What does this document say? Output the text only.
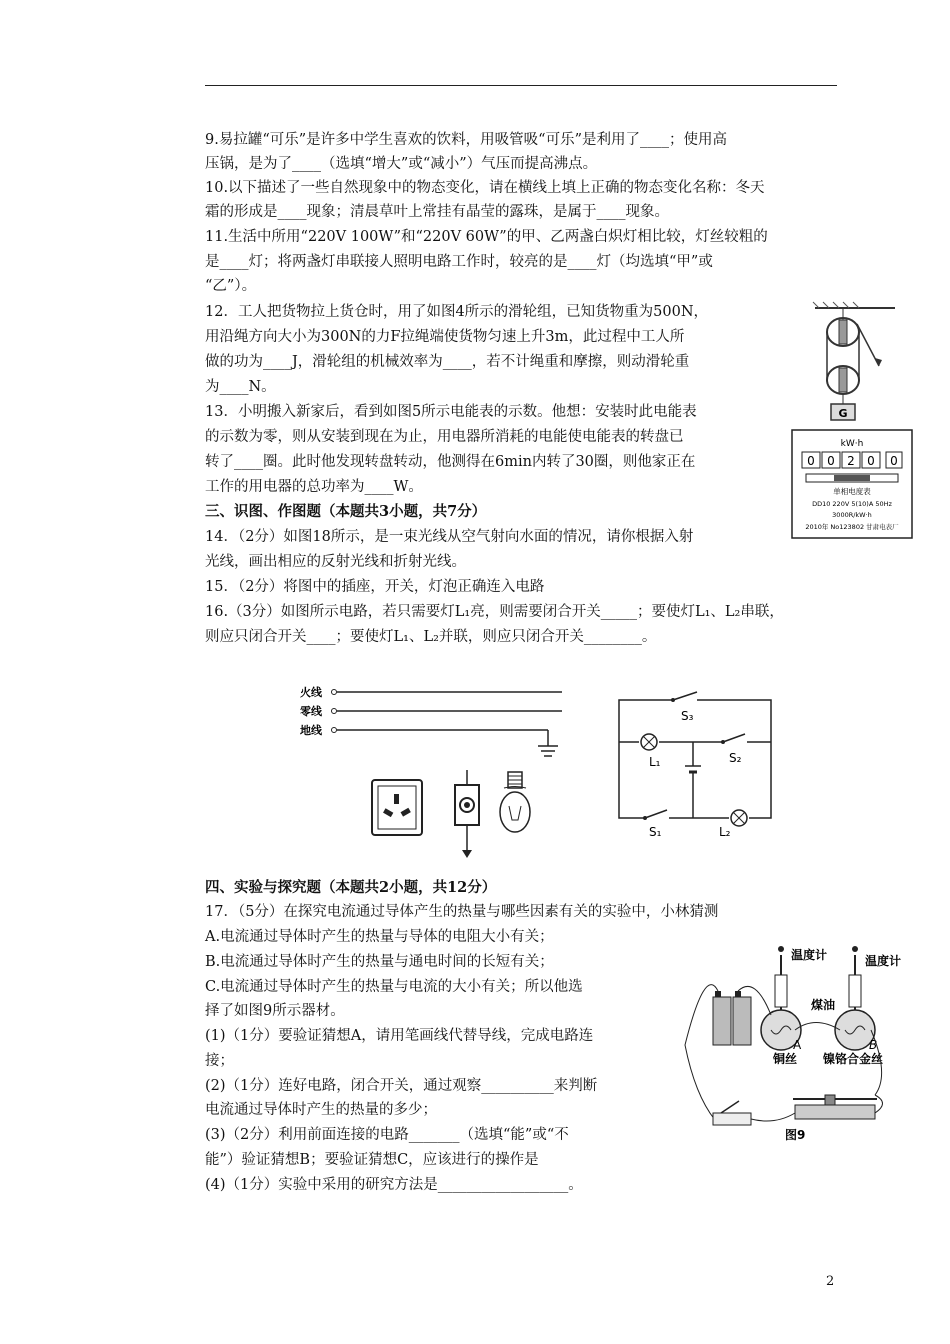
9.易拉罐“可乐”是许多中学生喜欢的饮料，用吸管吸“可乐”是利用了____；使用高
压锅，是为了____（选填“增大”或“减小”）气压而提高沸点。
10.以下描述了一些自然现象中的物态变化，请在横线上填上正确的物态变化名称：冬天
霜的形成是____现象；清晨草叶上常挂有晶莹的露珠，是属于____现象。
11.生活中所用“220V 100W”和“220V 60W”的甲、乙两盏白炽灯相比较，灯丝较粗的
是____灯；将两盏灯串联接人照明电路工作时，较亮的是____灯（均选填“甲”或
“乙”）。
12．工人把货物拉上货仓时，用了如图4所示的滑轮组，已知货物重为500N，
用沿绳方向大小为300N的力F拉绳端使货物匀速上升3m，此过程中工人所
做的功为____J，滑轮组的机械效率为____，若不计绳重和摩擦，则动滑轮重
为____N。
13．小明搬入新家后，看到如图5所示电能表的示数。他想：安装时此电能表
的示数为零，则从安装到现在为止，用电器所消耗的电能使电能表的转盘已
转了____圈。此时他发现转盘转动，他测得在6min内转了30圈，则他家正在
工作的用电器的总功率为____W。
三、识图、作图题（本题共3小题，共7分）
14．（2分）如图18所示，是一束光线从空气射向水面的情况，请你根据入射
光线，画出相应的反射光线和折射光线。
15．（2分）将图中的插座，开关，灯泡正确连入电路
16.（3分）如图所示电路，若只需要灯L₁亮，则需要闭合开关_____；要使灯L₁、L₂串联，
则应只闭合开关____；要使灯L₁、L₂并联，则应只闭合开关________。
四、实验与探究题（本题共2小题，共12分）
17．（5分）在探究电流通过导体产生的热量与哪些因素有关的实验中，小林猜测
A.电流通过导体时产生的热量与导体的电阻大小有关；
B.电流通过导体时产生的热量与通电时间的长短有关；
C.电流通过导体时产生的热量与电流的大小有关；所以他选
择了如图9所示器材。
(1)（1分）要验证猜想A，请用笔画线代替导线，完成电路连
接；
(2)（1分）连好电路，闭合开关，通过观察__________来判断
电流通过导体时产生的热量的多少；
(3)（2分）利用前面连接的电路_______（选填“能”或“不
能”）验证猜想B；要验证猜想C，应该进行的操作是
(4)（1分）实验中采用的研究方法是__________________。
G
kW·h
0 0 2 0 0
单相电度表
DD10 220V 5(10)A 50Hz
3000R/kW·h
2010年 No123802 甘肃电表厂
火线
零线
地线
S₃
L₁	S₂
S₁	L₂
温度计
A
铜丝
温度计
煤油
B
镍铬合金丝
图9
2
